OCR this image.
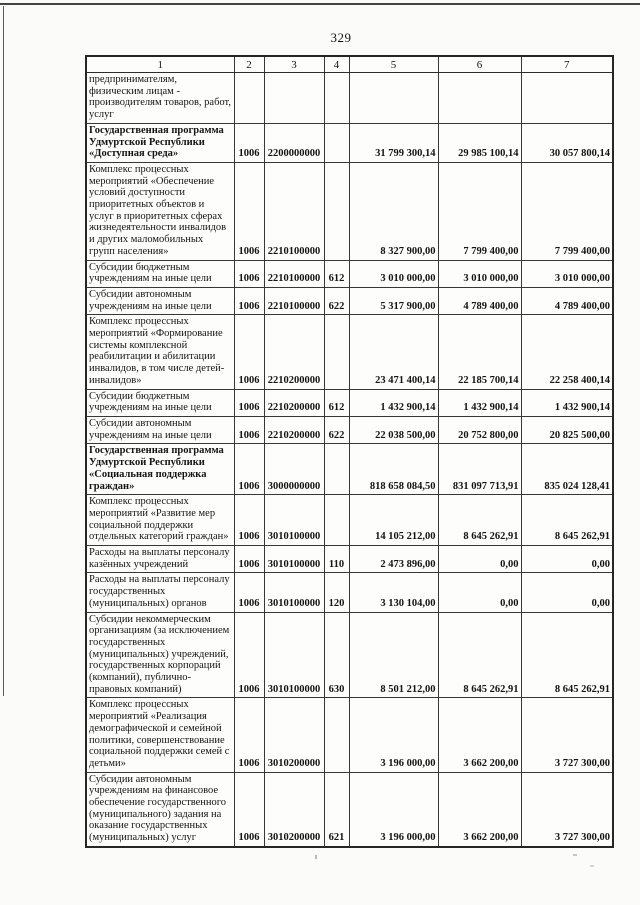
329
1	2	3	4	5	6	7
предпринимателям, физическим лицам - производителям товаров, работ, услуг						
Государственная программа Удмуртской Республики «Доступная среда»	1006	2200000000		31 799 300,14	29 985 100,14	30 057 800,14
Комплекс процессных мероприятий «Обеспечение условий доступности приоритетных объектов и услуг в приоритетных сферах жизнедеятельности инвалидов и других маломобильных групп населения»	1006	2210100000		8 327 900,00	7 799 400,00	7 799 400,00
Субсидии бюджетным учреждениям на иные цели	1006	2210100000	612	3 010 000,00	3 010 000,00	3 010 000,00
Субсидии автономным учреждениям на иные цели	1006	2210100000	622	5 317 900,00	4 789 400,00	4 789 400,00
Комплекс процессных мероприятий «Формирование системы комплексной реабилитации и абилитации инвалидов, в том числе детей-инвалидов»	1006	2210200000		23 471 400,14	22 185 700,14	22 258 400,14
Субсидии бюджетным учреждениям на иные цели	1006	2210200000	612	1 432 900,14	1 432 900,14	1 432 900,14
Субсидии автономным учреждениям на иные цели	1006	2210200000	622	22 038 500,00	20 752 800,00	20 825 500,00
Государственная программа Удмуртской Республики «Социальная поддержка граждан»	1006	3000000000		818 658 084,50	831 097 713,91	835 024 128,41
Комплекс процессных мероприятий «Развитие мер социальной поддержки отдельных категорий граждан»	1006	3010100000		14 105 212,00	8 645 262,91	8 645 262,91
Расходы на выплаты персоналу казённых учреждений	1006	3010100000	110	2 473 896,00	0,00	0,00
Расходы на выплаты персоналу государственных (муниципальных) органов	1006	3010100000	120	3 130 104,00	0,00	0,00
Субсидии некоммерческим организациям (за исключением государственных (муниципальных) учреждений, государственных корпораций (компаний), публично-правовых компаний)	1006	3010100000	630	8 501 212,00	8 645 262,91	8 645 262,91
Комплекс процессных мероприятий «Реализация демографической и семейной политики, совершенствование социальной поддержки семей с детьми»	1006	3010200000		3 196 000,00	3 662 200,00	3 727 300,00
Субсидии автономным учреждениям на финансовое обеспечение государственного (муниципального) задания на оказание государственных (муниципальных) услуг	1006	3010200000	621	3 196 000,00	3 662 200,00	3 727 300,00
